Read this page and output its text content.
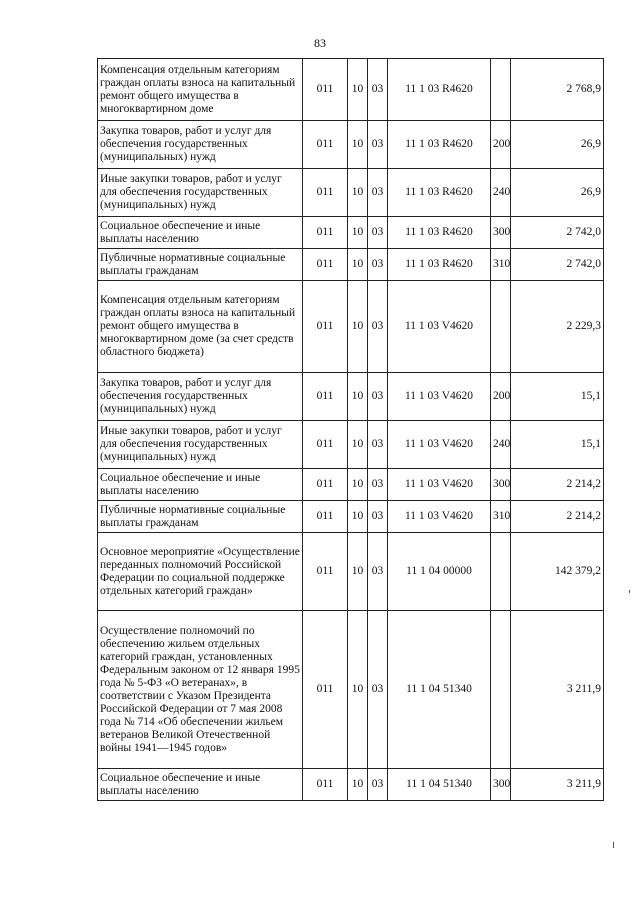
83
Компенсация отдельным категориям граждан оплаты взноса на капитальный ремонт общего имущества в многоквартирном доме	011	10	03	11 1 03 R4620		2 768,9
Закупка товаров, работ и услуг для обеспечения государственных (муниципальных) нужд	011	10	03	11 1 03 R4620	200	26,9
Иные закупки товаров, работ и услуг для обеспечения государственных (муниципальных) нужд	011	10	03	11 1 03 R4620	240	26,9
Социальное обеспечение и иные выплаты населению	011	10	03	11 1 03 R4620	300	2 742,0
Публичные нормативные социальные выплаты гражданам	011	10	03	11 1 03 R4620	310	2 742,0
Компенсация отдельным категориям граждан оплаты взноса на капитальный ремонт общего имущества в многоквартирном доме (за счет средств областного бюджета)	011	10	03	11 1 03 V4620		2 229,3
Закупка товаров, работ и услуг для обеспечения государственных (муниципальных) нужд	011	10	03	11 1 03 V4620	200	15,1
Иные закупки товаров, работ и услуг для обеспечения государственных (муниципальных) нужд	011	10	03	11 1 03 V4620	240	15,1
Социальное обеспечение и иные выплаты населению	011	10	03	11 1 03 V4620	300	2 214,2
Публичные нормативные социальные выплаты гражданам	011	10	03	11 1 03 V4620	310	2 214,2
Основное мероприятие «Осуществление переданных полномочий Российской Федерации по социальной поддержке отдельных категорий граждан»	011	10	03	11 1 04 00000		142 379,2
Осуществление полномочий по обеспечению жильем отдельных категорий граждан, установленных Федеральным законом от 12 января 1995 года № 5-ФЗ «О ветеранах», в соответствии с Указом Президента Российской Федерации от 7 мая 2008 года № 714 «Об обеспечении жильем ветеранов Великой Отечественной войны 1941—1945 годов»	011	10	03	11 1 04 51340		3 211,9
Социальное обеспечение и иные выплаты населению	011	10	03	11 1 04 51340	300	3 211,9
